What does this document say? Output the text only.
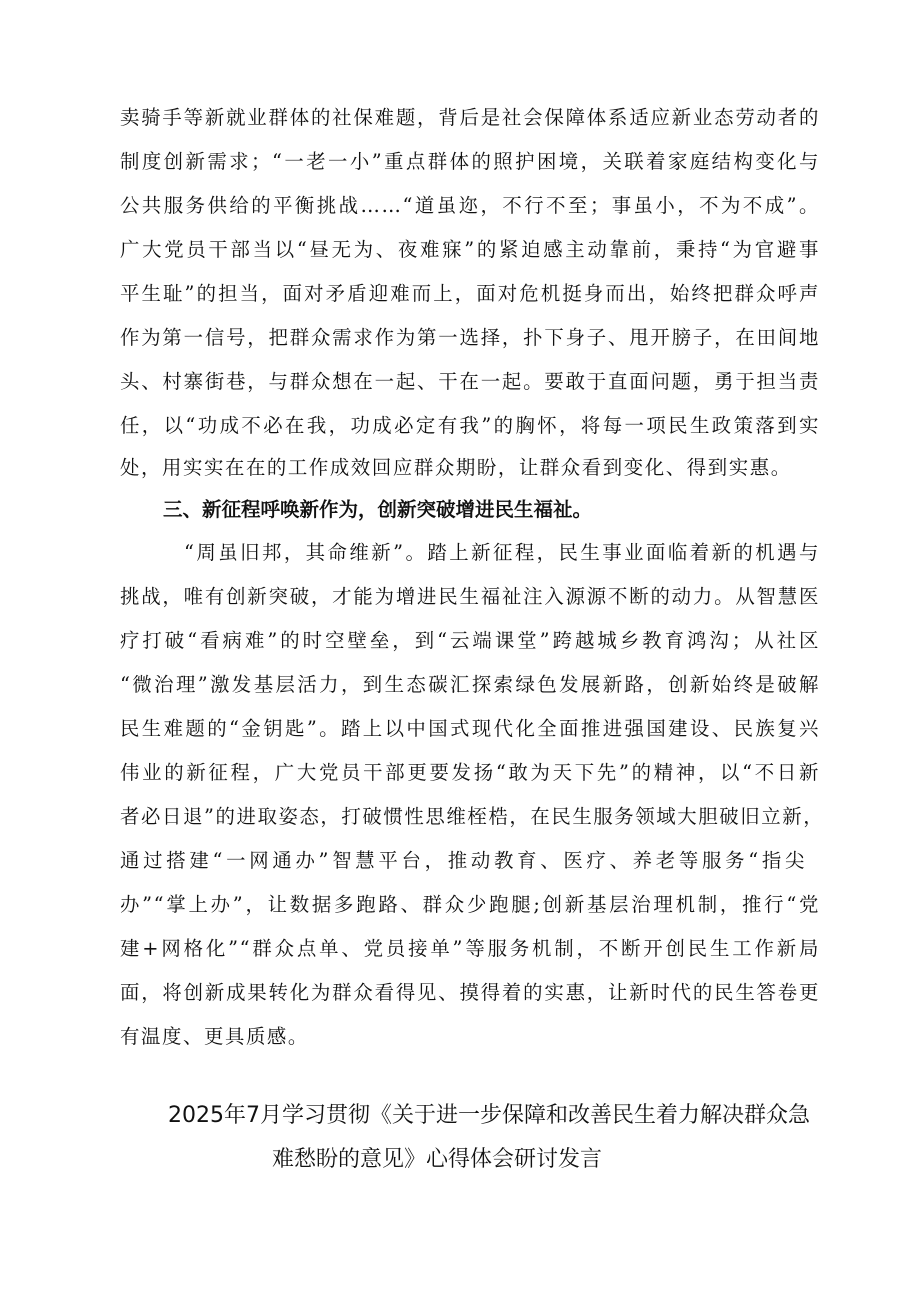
卖骑手等新就业群体的社保难题，背后是社会保障体系适应新业态劳动者的
制度创新需求；“一老一小”重点群体的照护困境，关联着家庭结构变化与
公共服务供给的平衡挑战……“道虽迩，不行不至；事虽小，不为不成”。
广大党员干部当以“昼无为、夜难寐”的紧迫感主动靠前，秉持“为官避事
平生耻”的担当，面对矛盾迎难而上，面对危机挺身而出，始终把群众呼声
作为第一信号，把群众需求作为第一选择，扑下身子、甩开膀子，在田间地
头、村寨街巷，与群众想在一起、干在一起。要敢于直面问题，勇于担当责
任，以“功成不必在我，功成必定有我”的胸怀，将每一项民生政策落到实
处，用实实在在的工作成效回应群众期盼，让群众看到变化、得到实惠。
三、新征程呼唤新作为，创新突破增进民生福祉。
“周虽旧邦，其命维新”。踏上新征程，民生事业面临着新的机遇与
挑战，唯有创新突破，才能为增进民生福祉注入源源不断的动力。从智慧医
疗打破“看病难”的时空壁垒，到“云端课堂”跨越城乡教育鸿沟；从社区
“微治理”激发基层活力，到生态碳汇探索绿色发展新路，创新始终是破解
民生难题的“金钥匙”。踏上以中国式现代化全面推进强国建设、民族复兴
伟业的新征程，广大党员干部更要发扬“敢为天下先”的精神，以“不日新
者必日退”的进取姿态，打破惯性思维桎梏，在民生服务领域大胆破旧立新，
通过搭建“一网通办”智慧平台，推动教育、医疗、养老等服务“指尖
办”“掌上办”，让数据多跑路、群众少跑腿;创新基层治理机制，推行“党
建+网格化”“群众点单、党员接单”等服务机制，不断开创民生工作新局
面，将创新成果转化为群众看得见、摸得着的实惠，让新时代的民生答卷更
有温度、更具质感。
2025年7月学习贯彻《关于进一步保障和改善民生着力解决群众急
难愁盼的意见》心得体会研讨发言
